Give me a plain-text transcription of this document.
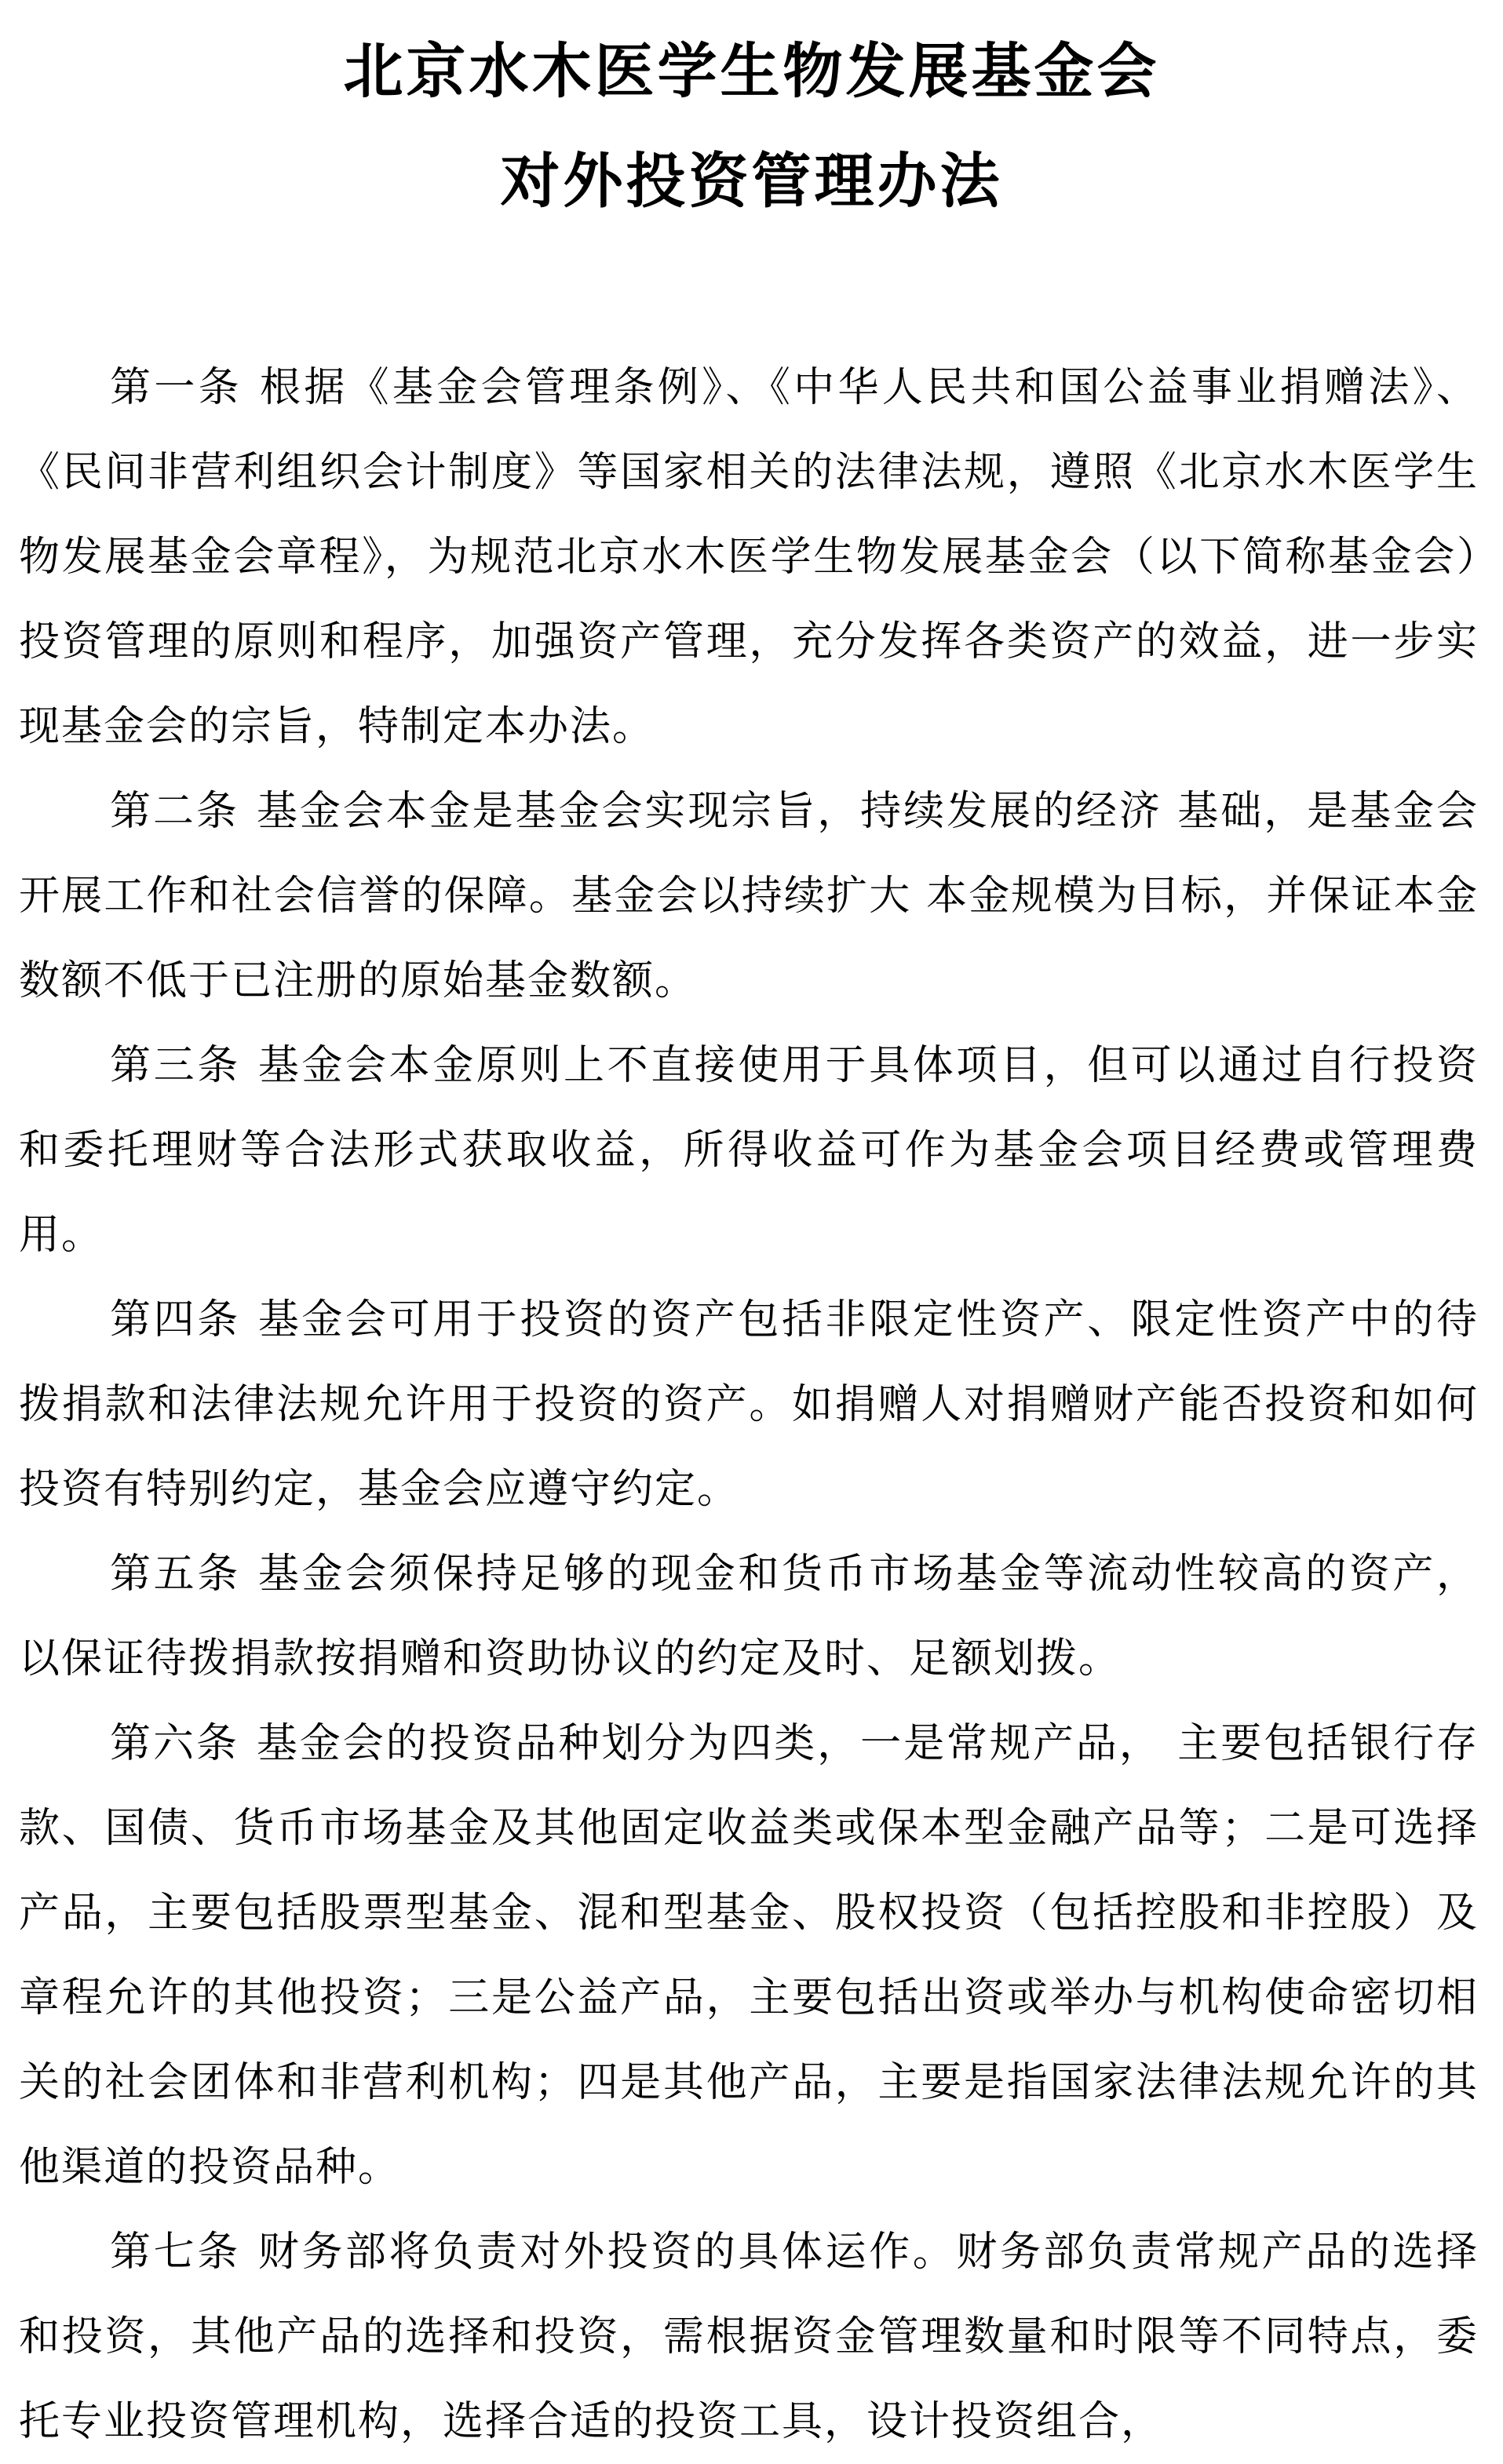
北京水木医学生物发展基金会
对外投资管理办法

第一条 根据《基金会管理条例》、《中华人民共和国公益事业捐赠法》、《民间非营利组织会计制度》等国家相关的法律法规，遵照《北京水木医学生物发展基金会章程》，为规范北京水木医学生物发展基金会（以下简称基金会）投资管理的原则和程序，加强资产管理，充分发挥各类资产的效益，进一步实现基金会的宗旨，特制定本办法。

第二条 基金会本金是基金会实现宗旨，持续发展的经济 基础，是基金会开展工作和社会信誉的保障。基金会以持续扩大 本金规模为目标，并保证本金数额不低于已注册的原始基金数额。

第三条 基金会本金原则上不直接使用于具体项目，但可以通过自行投资和委托理财等合法形式获取收益，所得收益可作为基金会项目经费或管理费用。

第四条 基金会可用于投资的资产包括非限定性资产、限定性资产中的待拨捐款和法律法规允许用于投资的资产。如捐赠人对捐赠财产能否投资和如何投资有特别约定，基金会应遵守约定。

第五条 基金会须保持足够的现金和货币市场基金等流动性较高的资产，以保证待拨捐款按捐赠和资助协议的约定及时、足额划拨。

第六条 基金会的投资品种划分为四类，一是常规产品， 主要包括银行存款、国债、货币市场基金及其他固定收益类或保本型金融产品等；二是可选择产品，主要包括股票型基金、混和型基金、股权投资（包括控股和非控股）及章程允许的其他投资；三是公益产品，主要包括出资或举办与机构使命密切相关的社会团体和非营利机构；四是其他产品，主要是指国家法律法规允许的其他渠道的投资品种。

第七条 财务部将负责对外投资的具体运作。财务部负责常规产品的选择和投资，其他产品的选择和投资，需根据资金管理数量和时限等不同特点，委托专业投资管理机构，选择合适的投资工具，设计投资组合，
